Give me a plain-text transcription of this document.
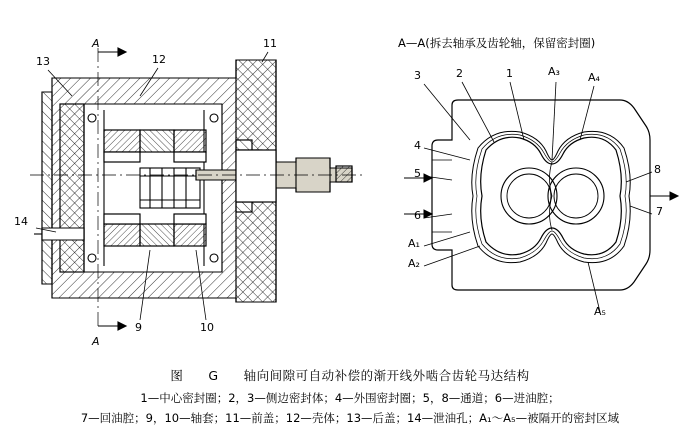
A—A(拆去轴承及齿轮轴，保留密封圈)
13
A
12
11
14
9	10
A
3	2	1	A₃	A₄
4
5
6
A₁
A₂
8
7
A₅
图 G 轴向间隙可自动补偿的渐开线外啮合齿轮马达结构
1—中心密封圈；2，3—侧边密封体；4—外围密封圈；5，8—通道；6—进油腔；
7—回油腔；9，10—轴套；11—前盖；12—壳体；13—后盖；14—泄油孔；A₁～A₅—被隔开的密封区域
